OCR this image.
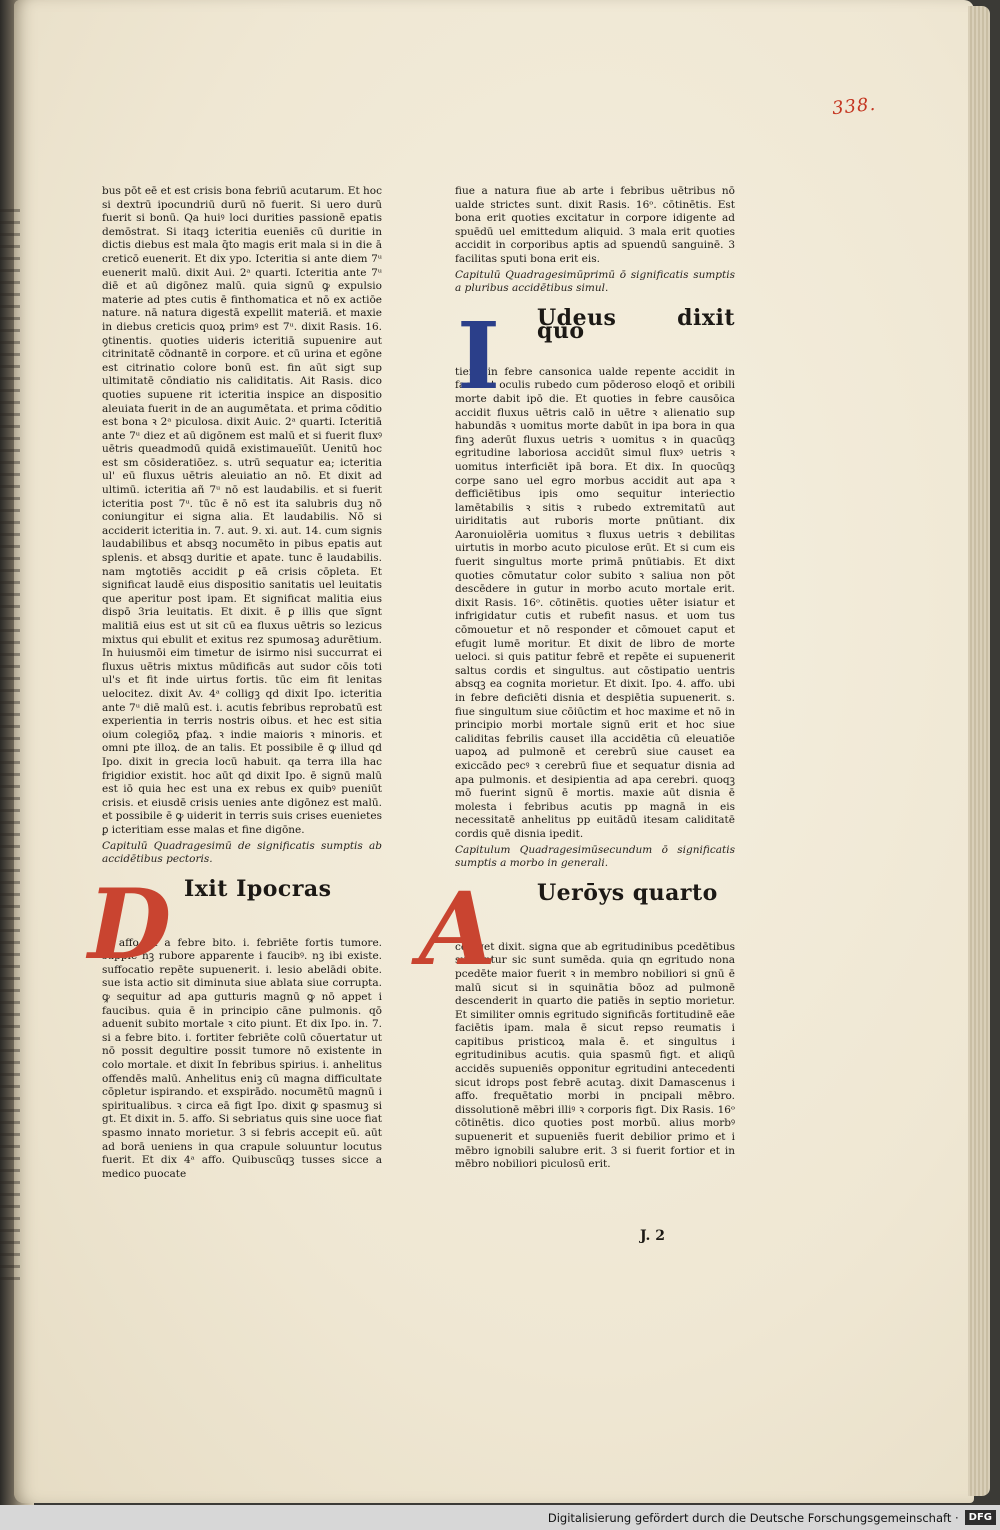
338.

bus pōt eē et est crisis bona febriū acutarum. Et hoc si dextrū ipocundriū durū nō fuerit. Si uero durū fuerit si bonū. Qa huiꝰ loci durities passionē epatis demōstrat. Si itaqꝫ icteritia eueniēs cū duritie in dictis diebus est mala q̄to magis erit mala si in die ā creticō euenerit. Et dix ypo. Icteritia si ante diem 7ᵘ euenerit malū. dixit Aui. 2ᵃ quarti. Icteritia ante 7ᵘ diē et aū digōnez malū. quia signū ꝙ expulsio materie ad ptes cutis ē finthomatica et nō ex actiōe nature. nā natura digestā expellit materiā. et maxie in diebus creticis quoꝝ primꝰ est 7ᵘ. dixit Rasis. 16. ꝯtinentis. quoties uideris icteritiā supuenire aut citrinitatē cōdnantē in corpore. et cū urina et egōne est citrinatio colore bonū est. fin aūt sigt sup ultimitatē cōndiatio nis caliditatis. Ait Rasis. dico quoties supuene rit icteritia inspice an dispositio aleuiata fuerit in de an augumētata. et prima cōditio est bona ꝛ 2ᵃ piculosa. dixit Auic. 2ᵃ quarti. Icteritiā ante 7ᵘ diez et aū digōnem est malū et si fuerit fluxꝰ uētris queadmodū quidā existimaueīūt. Uenitū hoc est sm cōsideratiōez. s. utrū sequatur ea; icteritia ul' eū fluxus uētris aleuiatio an nō. Et dixit ad ultimū. icteritia añ 7ᵘ nō est laudabilis. et si fuerit icteritia post 7ᵘ. tūc ē nō est ita salubris duꝫ nō coniungitur ei signa alia. Et laudabilis. Nō si acciderit icteritia in. 7. aut. 9. xi. aut. 14. cum signis laudabilibus et absqꝫ nocumēto in pibus epatis aut splenis. et absqꝫ duritie et apate. tunc ē laudabilis. nam mꝯtotiēs accidit ꝑ eā crisis cōpleta. Et significat laudē eius dispositio sanitatis uel leuitatis que aperitur post ipam. Et significat malitia eius dispō 3ria leuitatis. Et dixit. ē ꝑ illis que sīgnt malitiā eius est ut sit cū ea fluxus uētris so lezicus mixtus qui ebulit et exitus rez spumosaꝫ adurētium. In huiusmōi eim timetur de isirmo nisi succurrat ei fluxus uētris mixtus mūdificās aut sudor cōis toti ul's et fit inde uirtus fortis. tūc eim fit lenitas uelocitez. dixit Av. 4ᵃ colligꝫ qd dixit Ipo. icteritia ante 7ᵘ diē malū est. i. acutis febribus reprobatū est experientia in terris nostris oibus. et hec est sitia oium colegiōꝝ pfaꝝ. ꝛ indie maioris ꝛ minoris. et omni pte illoꝝ. de an talis. Et possibile ē ꝙ illud qd Ipo. dixit in grecia locū habuit. qa terra illa hac frigidior existit. hoc aūt qd dixit Ipo. ē signū malū est iō quia hec est una ex rebus ex quibꝰ pueniūt crisis. et eiusdē crisis uenies ante digōnez est malū. et possibile ē ꝙ uiderit in terris suis crises euenietes ꝑ icteritiam esse malas et fine digōne.

Capitulū Quadragesimū de significatis sumptis ab accidētibus pectoris.

D Ixit Ipocras

4. affo. si a febre bito. i. febriēte fortis tumore. supple nꝫ rubore apparente i faucibꝰ. nꝫ ibi existe. suffocatio repēte supuenerit. i. lesio abelādi obite. sue ista actio sit diminuta siue ablata siue corrupta. ꝙ sequitur ad apa gutturis magnū ꝙ nō appet i faucibus. quia ē in principio cāne pulmonis. qō aduenit subito mortale ꝛ cito piunt. Et dix Ipo. in. 7. si a febre bito. i. fortiter febriēte colū cōuertatur ut nō possit degultire possit tumore nō existente in colo mortale. et dixit In febribus spirius. i. anhelitus offendēs malū. Anhelitus eniꝫ cū magna difficultate cōpletur ispirando. et exspirādo. nocumētū magnū i spiritualibus. ꝛ circa eā figt Ipo. dixit ꝙ spasmuꝫ si gt. Et dixit in. 5. affo. Si sebriatus quis sine uoce fiat spasmo innato morietur. 3 si febris accepit eū. aūt ad borā ueniens in qua crapule soluuntur locutus fuerit. Et dix 4ᵃ affo. Quibuscūqꝫ tusses sicce a medico puocate

fiue a natura fiue ab arte i febribus uētribus nō ualde strictes sunt. dixit Rasis. 16ᵒ. cōtinētis. Est bona erit quoties excitatur in corpore idigente ad spuēdū uel emittedum aliquid. 3 mala erit quoties accidit in corporibus aptis ad spuendū sanguinē. 3 facilitas sputi bona erit eis.

Capitulū Quadragesimūprimū ō significatis sumptis a pluribus accidētibus simul.

I Udeus dixit quo

tiens in febre cansonica ualde repente accidit in facie et oculis rubedo cum pōderoso eloqō et oribili morte dabit ipō die. Et quoties in febre causōica accidit fluxus uētris calō in uētre ꝛ alienatio sup habundās ꝛ uomitus morte dabūt in ipa bora in qua finꝫ aderūt fluxus uetris ꝛ uomitus ꝛ in quacūqꝫ egritudine laboriosa accidūt simul fluxꝰ uetris ꝛ uomitus interficiēt ipā bora. Et dix. In quocūqꝫ corpe sano uel egro morbus accidit aut apa ꝛ defficiētibus ipis omo sequitur interiectio lamētabilis ꝛ sitis ꝛ rubedo extremitatū aut uiriditatis aut ruboris morte pnūtiant. dix Aaronuiolēria uomitus ꝛ fluxus uetris ꝛ debilitas uirtutis in morbo acuto piculose erūt. Et si cum eis fuerit singultus morte primā pnūtiabis. Et dixt quoties cōmutatur color subito ꝛ saliua non pōt descēdere in gutur in morbo acuto mortale erit. dixit Rasis. 16ᵒ. cōtinētis. quoties uēter isiatur et infrigidatur cutis et rubefit nasus. et uom tus cōmouetur et nō responder et cōmouet caput et efugit lumē moritur. Et dixit de libro de morte ueloci. si quis patitur febrē et repēte ei supuenerit saltus cordis et singultus. aut cōstipatio uentris absqꝫ ea cognita morietur. Et dixit. Ipo. 4. affo. ubi in febre deficiēti disnia et despiētia supuenerit. s. fiue singultum siue cōiūctim et hoc maxime et nō in principio morbi mortale signū erit et hoc siue caliditas febrilis causet illa accidētia cū eleuatiōe uapoꝝ ad pulmonē et cerebrū siue causet ea exiccādo pecꝰ ꝛ cerebrū fiue et sequatur disnia ad apa pulmonis. et desipientia ad apa cerebri. quoqꝫ mō fuerint signū ē mortis. maxie aūt disnia ē molesta i febribus acutis pp magnā in eis necessitatē anhelitus pp euitādū itesam caliditatē cordis quē disnia ipedit.

Capitulum Quadragesimūsecundum ō significatis sumptis a morbo in generali.

A Uerōys quarto

colliget dixit. signa que ab egritudinibus pcedētibus sumuntur sic sunt sumēda. quia qn egritudo nona pcedēte maior fuerit ꝛ in membro nobiliori si gnū ē malū sicut si in squinātia bōoz ad pulmonē descenderit in quarto die patiēs in septio morietur. Et similiter omnis egritudo significās fortitudinē eāe faciētis ipam. mala ē sicut repso reumatis i capitibus pristicoꝝ mala ē. et singultus i egritudinibus acutis. quia spasmū figt. et aliqū accidēs supueniēs opponitur egritudini antecedenti sicut idrops post febrē acutaꝫ. dixit Damascenus i affo. frequētatio morbi in pncipali mēbro. dissolutionē mēbri illiꝰ ꝛ corporis figt. Dix Rasis. 16ᵒ cōtinētis. dico quoties post morbū. alius morbꝰ supuenerit et supueniēs fuerit debilior primo et i mēbro ignobili salubre erit. 3 si fuerit fortior et in mēbro nobiliori piculosū erit.

J. 2
Digitalisierung gefördert durch die Deutsche Forschungsgemeinschaft ·	DFG
